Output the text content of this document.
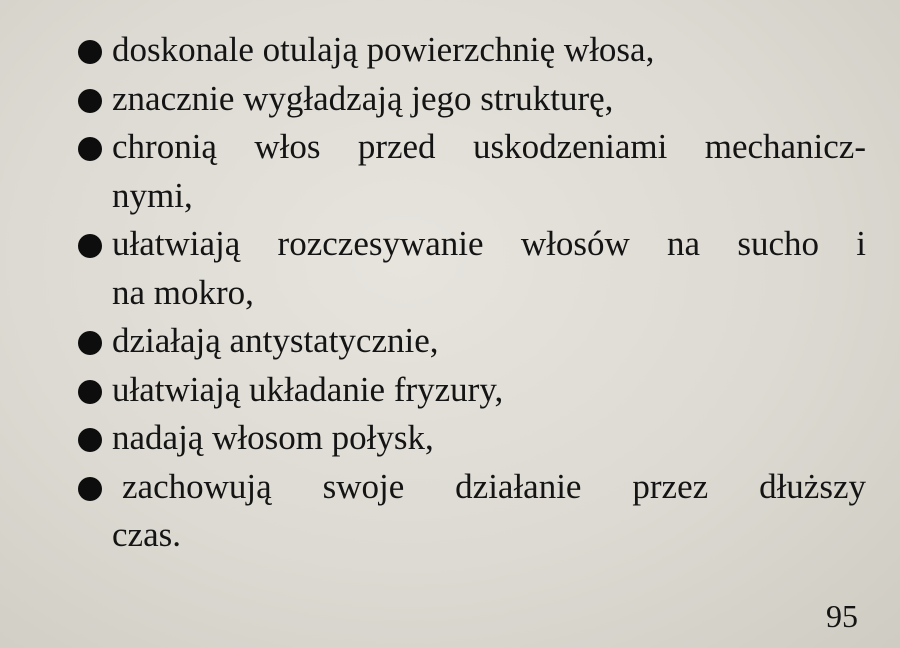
doskonale otulają powierzchnię włosa,
znacznie wygładzają jego strukturę,
chronią włos przed uskodzeniami mechanicz-
nymi,
ułatwiają rozczesywanie włosów na sucho i
na mokro,
działają antystatycznie,
ułatwiają układanie fryzury,
nadają włosom połysk,
zachowują swoje działanie przez dłuższy
czas.
95
